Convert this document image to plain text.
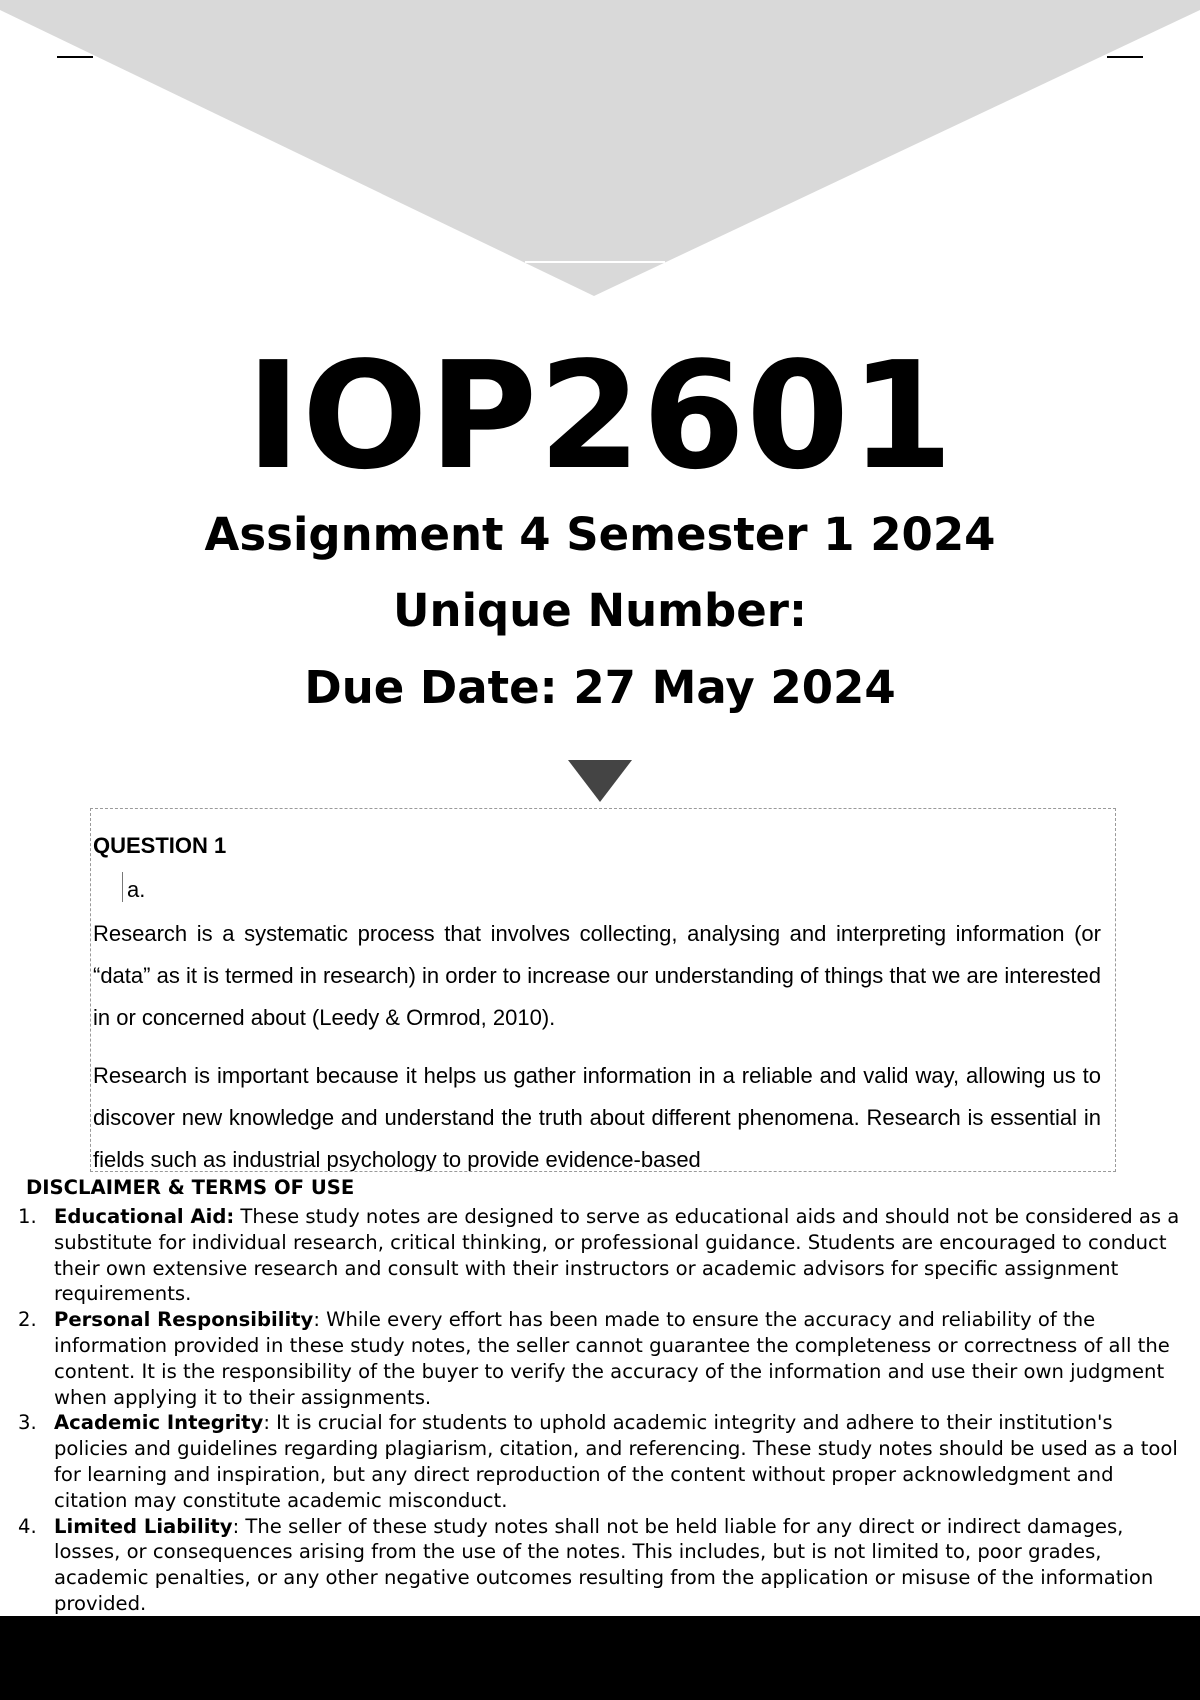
IOP2601
Assignment 4 Semester 1 2024
Unique Number:
Due Date: 27 May 2024
QUESTION 1
a.

Research is a systematic process that involves collecting, analysing and interpreting information (or “data” as it is termed in research) in order to increase our understanding of things that we are interested in or concerned about (Leedy & Ormrod, 2010).

Research is important because it helps us gather information in a reliable and valid way, allowing us to discover new knowledge and understand the truth about different phenomena. Research is essential in fields such as industrial psychology to provide evidence-based

DISCLAIMER & TERMS OF USE
1. Educational Aid: These study notes are designed to serve as educational aids and should not be considered as a substitute for individual research, critical thinking, or professional guidance. Students are encouraged to conduct their own extensive research and consult with their instructors or academic advisors for specific assignment requirements.
2. Personal Responsibility: While every effort has been made to ensure the accuracy and reliability of the information provided in these study notes, the seller cannot guarantee the completeness or correctness of all the content. It is the responsibility of the buyer to verify the accuracy of the information and use their own judgment when applying it to their assignments.
3. Academic Integrity: It is crucial for students to uphold academic integrity and adhere to their institution's policies and guidelines regarding plagiarism, citation, and referencing. These study notes should be used as a tool for learning and inspiration, but any direct reproduction of the content without proper acknowledgment and citation may constitute academic misconduct.
4. Limited Liability: The seller of these study notes shall not be held liable for any direct or indirect damages, losses, or consequences arising from the use of the notes. This includes, but is not limited to, poor grades, academic penalties, or any other negative outcomes resulting from the application or misuse of the information provided.
